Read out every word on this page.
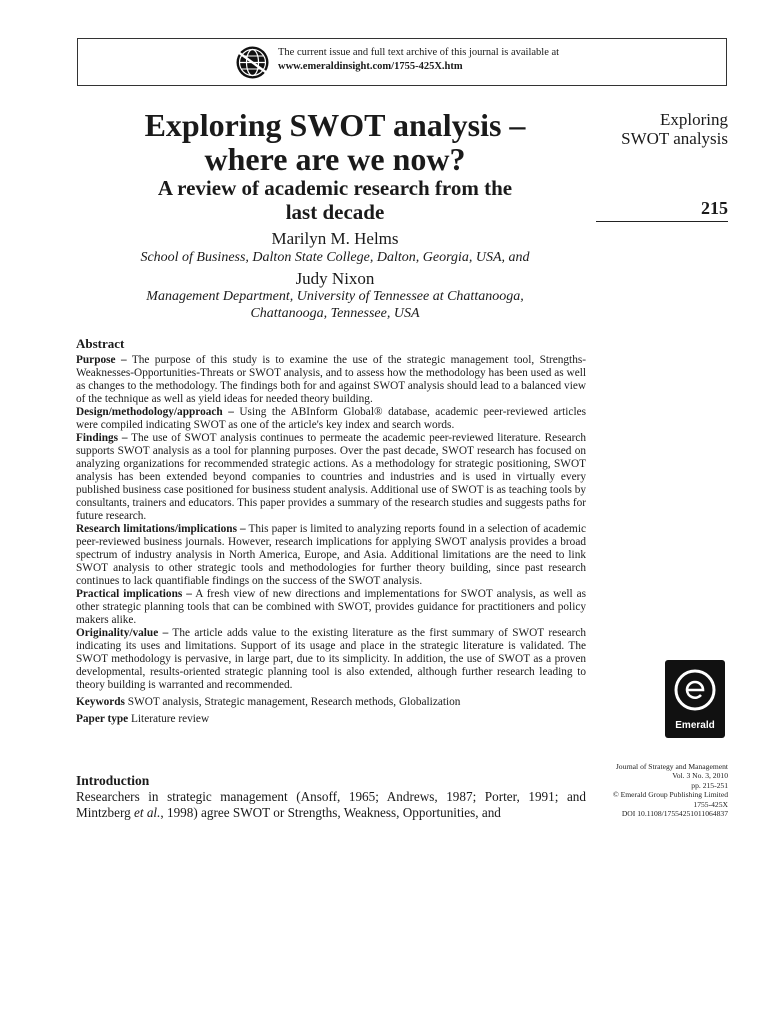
The current issue and full text archive of this journal is available at
www.emeraldinsight.com/1755-425X.htm
Exploring SWOT analysis –
where are we now?
A review of academic research from the
last decade
Marilyn M. Helms
School of Business, Dalton State College, Dalton, Georgia, USA, and
Judy Nixon
Management Department, University of Tennessee at Chattanooga,
Chattanooga, Tennessee, USA
Exploring
SWOT analysis
215
Abstract

Purpose – The purpose of this study is to examine the use of the strategic management tool, Strengths-Weaknesses-Opportunities-Threats or SWOT analysis, and to assess how the methodology has been used as well as changes to the methodology. The findings both for and against SWOT analysis should lead to a balanced view of the technique as well as yield ideas for needed theory building.

Design/methodology/approach – Using the ABInform Global® database, academic peer-reviewed articles were compiled indicating SWOT as one of the article's key index and search words.

Findings – The use of SWOT analysis continues to permeate the academic peer-reviewed literature. Research supports SWOT analysis as a tool for planning purposes. Over the past decade, SWOT research has focused on analyzing organizations for recommended strategic actions. As a methodology for strategic positioning, SWOT analysis has been extended beyond companies to countries and industries and is used in virtually every published business case positioned for business student analysis. Additional use of SWOT is as teaching tools by consultants, trainers and educators. This paper provides a summary of the research studies and suggests paths for future research.

Research limitations/implications – This paper is limited to analyzing reports found in a selection of academic peer-reviewed business journals. However, research implications for applying SWOT analysis provides a broad spectrum of industry analysis in North America, Europe, and Asia. Additional limitations are the need to link SWOT analysis to other strategic tools and methodologies for further theory building, since past research continues to lack quantifiable findings on the success of the SWOT analysis.

Practical implications – A fresh view of new directions and implementations for SWOT analysis, as well as other strategic planning tools that can be combined with SWOT, provides guidance for practitioners and policy makers alike.

Originality/value – The article adds value to the existing literature as the first summary of SWOT research indicating its uses and limitations. Support of its usage and place in the strategic literature is validated. The SWOT methodology is pervasive, in large part, due to its simplicity. In addition, the use of SWOT as a proven developmental, results-oriented strategic planning tool is also extended, although further research leading to theory building is warranted and recommended.

Keywords SWOT analysis, Strategic management, Research methods, Globalization

Paper type Literature review

Emerald
Journal of Strategy and Management
Vol. 3 No. 3, 2010
pp. 215-251
© Emerald Group Publishing Limited
1755-425X
DOI 10.1108/17554251011064837
Introduction
Researchers in strategic management (Ansoff, 1965; Andrews, 1987; Porter, 1991; and Mintzberg et al., 1998) agree SWOT or Strengths, Weakness, Opportunities, and
